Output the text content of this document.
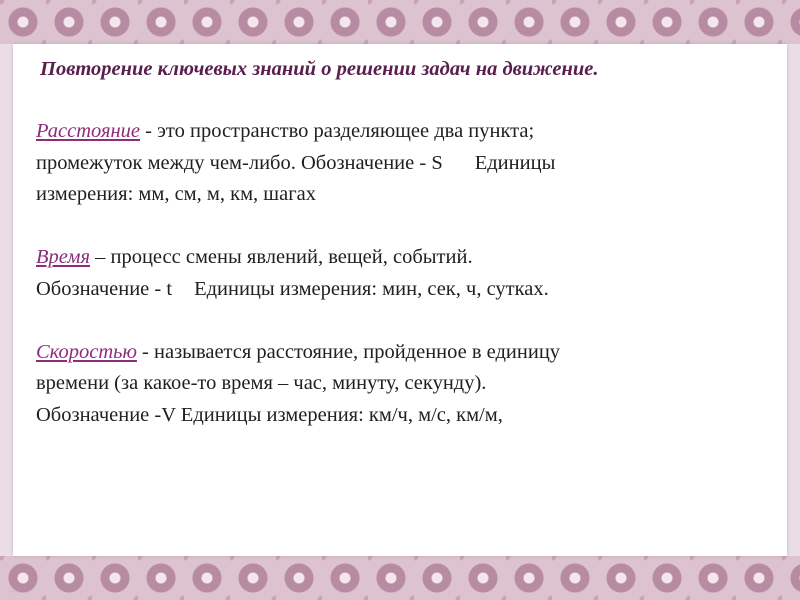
Повторение ключевых знаний о решении задач на движение.

Расстояние - это пространство разделяющее два пункта;
промежуток между чем-либо. Обозначение - S Единицы
измерения: мм, см, м, км, шагах

Время – процесс смены явлений, вещей, событий.
Обозначение - t Единицы измерения: мин, сек, ч, сутках.

Скоростью - называется расстояние, пройденное в единицу
времени (за какое-то время – час, минуту, секунду).
Обозначение -V Единицы измерения: км/ч, м/с, км/м,

~
